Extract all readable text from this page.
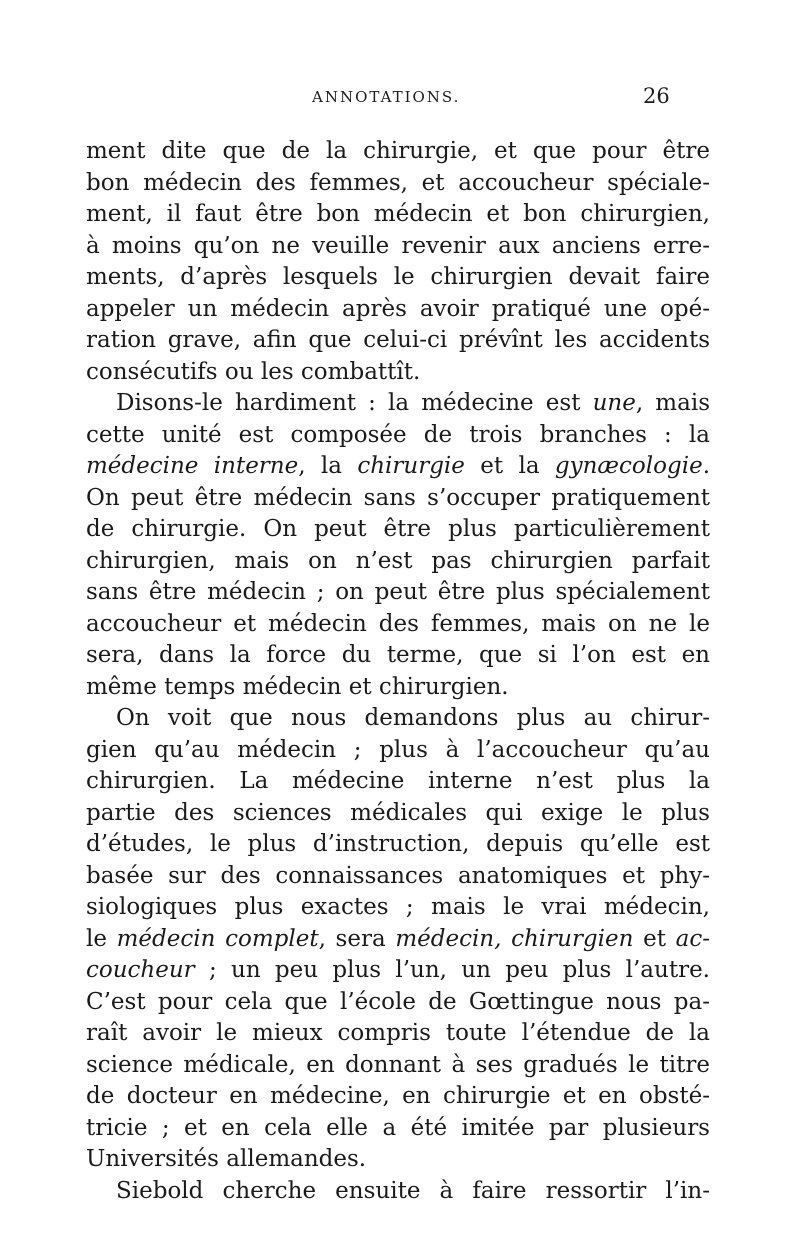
ANNOTATIONS.	26
ment dite que de la chirurgie, et que pour être
bon médecin des femmes, et accoucheur spéciale-
ment, il faut être bon médecin et bon chirurgien,
à moins qu’on ne veuille revenir aux anciens erre-
ments, d’après lesquels le chirurgien devait faire
appeler un médecin après avoir pratiqué une opé-
ration grave, afin que celui-ci prévînt les accidents
consécutifs ou les combattît.
Disons-le hardiment : la médecine est une, mais
cette unité est composée de trois branches : la
médecine interne, la chirurgie et la gynæcologie.
On peut être médecin sans s’occuper pratiquement
de chirurgie. On peut être plus particulièrement
chirurgien, mais on n’est pas chirurgien parfait
sans être médecin ; on peut être plus spécialement
accoucheur et médecin des femmes, mais on ne le
sera, dans la force du terme, que si l’on est en
même temps médecin et chirurgien.
On voit que nous demandons plus au chirur-
gien qu’au médecin ; plus à l’accoucheur qu’au
chirurgien. La médecine interne n’est plus la
partie des sciences médicales qui exige le plus
d’études, le plus d’instruction, depuis qu’elle est
basée sur des connaissances anatomiques et phy-
siologiques plus exactes ; mais le vrai médecin,
le médecin complet, sera médecin, chirurgien et ac-
coucheur ; un peu plus l’un, un peu plus l’autre.
C’est pour cela que l’école de Gœttingue nous pa-
raît avoir le mieux compris toute l’étendue de la
science médicale, en donnant à ses gradués le titre
de docteur en médecine, en chirurgie et en obsté-
tricie ; et en cela elle a été imitée par plusieurs
Universités allemandes.
Siebold cherche ensuite à faire ressortir l’in-
